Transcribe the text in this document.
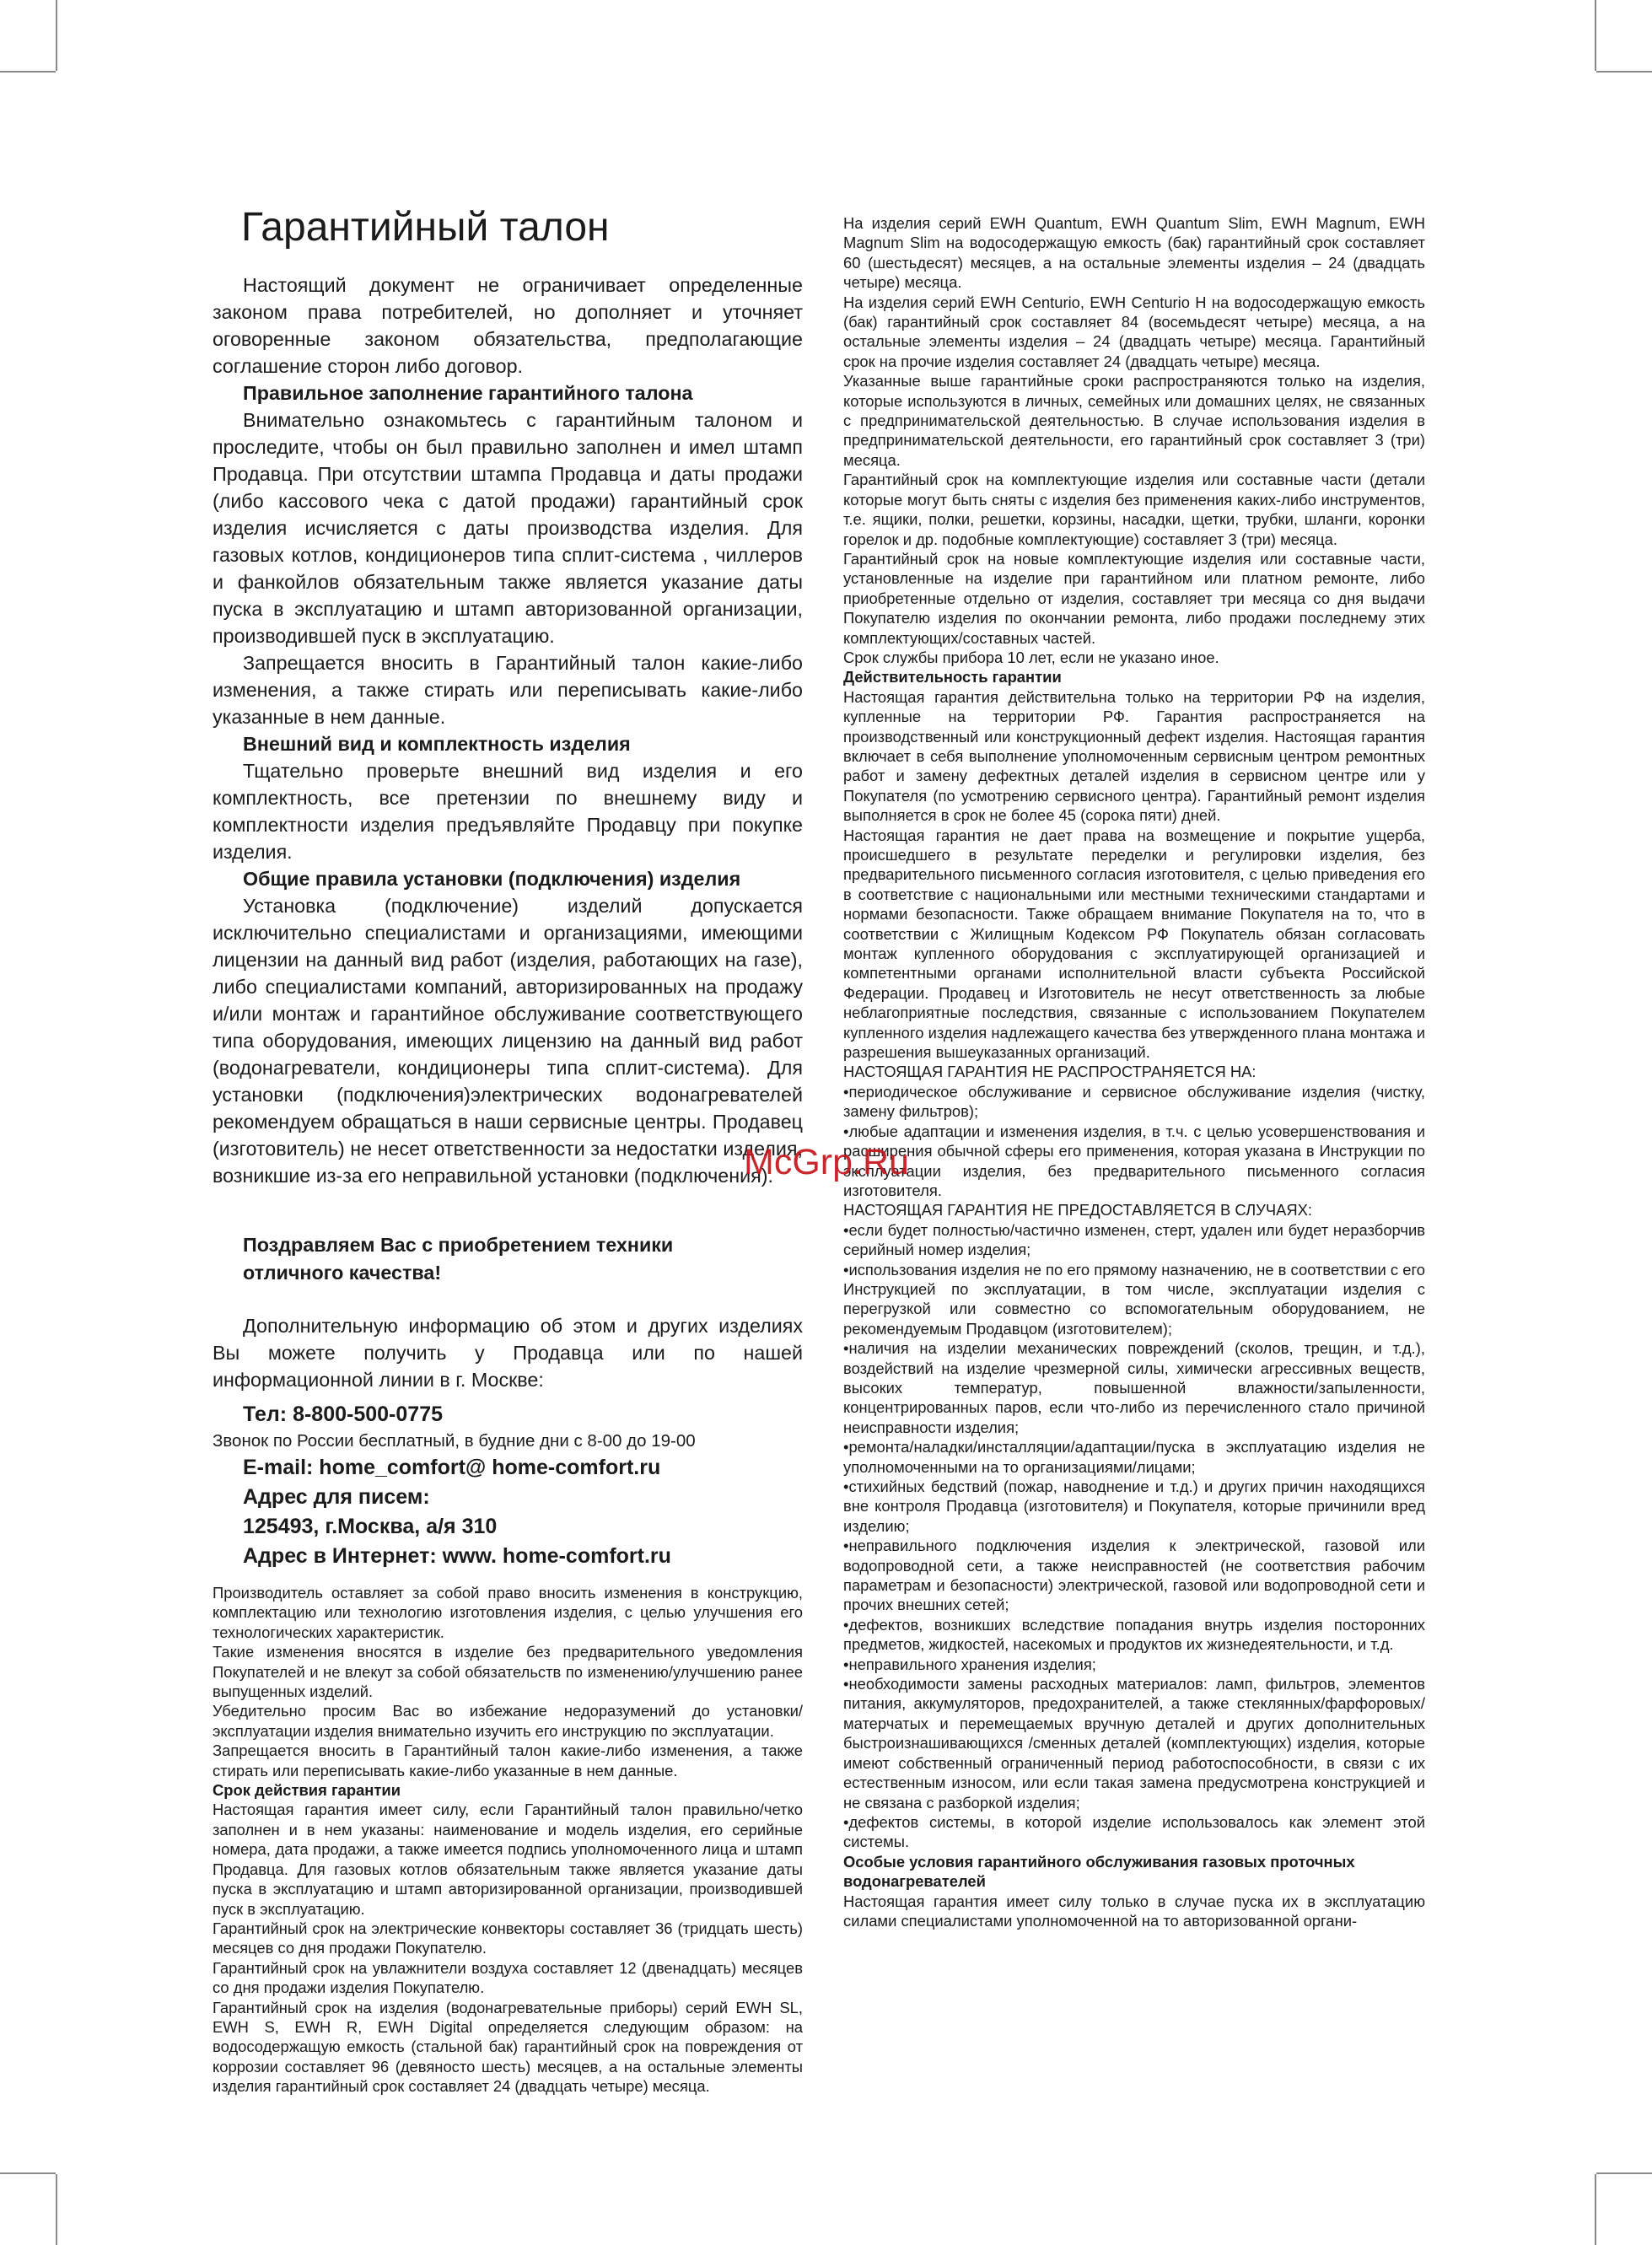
Гарантийный талон

Настоящий документ не ограничивает определенные законом права потребителей, но дополняет и уточняет оговоренные законом обязательства, предполагающие соглашение сторон либо договор.

Правильное заполнение гарантийного талона

Внимательно ознакомьтесь с гарантийным талоном и проследите, чтобы он был правильно заполнен и имел штамп Продавца. При отсутствии штампа Продавца и даты продажи (либо кассового чека с датой продажи) гарантийный срок изделия исчисляется с даты производства изделия. Для газовых котлов, кондиционеров типа сплит-система , чиллеров и фанкойлов обязательным также является указание даты пуска в эксплуатацию и штамп авторизованной организации, производившей пуск в эксплуатацию.

Запрещается вносить в Гарантийный талон какие-либо изменения, а также стирать или переписывать какие-либо указанные в нем данные.

Внешний вид и комплектность изделия

Тщательно проверьте внешний вид изделия и его комплектность, все претензии по внешнему виду и комплектности изделия предъявляйте Продавцу при покупке изделия.

Общие правила установки (подключения) изделия

Установка (подключение) изделий допускается исключительно специалистами и организациями, имеющими лицензии на данный вид работ (изделия, работающих на газе), либо специалистами компаний, авторизированных на продажу и/или монтаж и гарантийное обслуживание соответствующего типа оборудования, имеющих лицензию на данный вид работ (водонагреватели, кондиционеры типа сплит-система). Для установки (подключения)электрических водонагревателей рекомендуем обращаться в наши сервисные центры. Продавец (изготовитель) не несет ответственности за недостатки изделия, возникшие из-за его неправильной установки (подключения).

Поздравляем Вас с приобретением техники отличного качества!

Дополнительную информацию об этом и других изделиях Вы можете получить у Продавца или по нашей информационной линии в г. Москве:

Тел: 8-800-500-0775
Звонок по России бесплатный, в будние дни с 8-00 до 19-00
E-mail: home_comfort@ home-comfort.ru
Адрес для писем:
125493, г.Москва, а/я 310
Адрес в Интернет: www. home-comfort.ru

Производитель оставляет за собой право вносить изменения в конструкцию, комплектацию или технологию изготовления изделия, с целью улучшения его технологических характеристик.

Такие изменения вносятся в изделие без предварительного уведомления Покупателей и не влекут за собой обязательств по изменению/улучшению ранее выпущенных изделий.

Убедительно просим Вас во избежание недоразумений до установки/эксплуатации изделия внимательно изучить его инструкцию по эксплуатации.

Запрещается вносить в Гарантийный талон какие-либо изменения, а также стирать или переписывать какие-либо указанные в нем данные.

Срок действия гарантии

Настоящая гарантия имеет силу, если Гарантийный талон правильно/четко заполнен и в нем указаны: наименование и модель изделия, его серийные номера, дата продажи, а также имеется подпись уполномоченного лица и штамп Продавца. Для газовых котлов обязательным также является указание даты пуска в эксплуатацию и штамп авторизированной организации, производившей пуск в эксплуатацию.

Гарантийный срок на электрические конвекторы составляет 36 (тридцать шесть) месяцев со дня продажи Покупателю.

Гарантийный срок на увлажнители воздуха составляет 12 (двенадцать) месяцев со дня продажи изделия Покупателю.

Гарантийный срок на изделия (водонагревательные приборы) серий EWH SL, EWH S, EWH R, EWH Digital определяется следующим образом: на водосодержащую емкость (стальной бак) гарантийный срок на повреждения от коррозии составляет 96 (девяносто шесть) месяцев, а на остальные элементы изделия гарантийный срок составляет 24 (двадцать четыре) месяца.

На изделия серий EWH Quantum, EWH Quantum Slim, EWH Magnum, EWH Magnum Slim на водосодержащую емкость (бак) гарантийный срок составляет 60 (шестьдесят) месяцев, а на остальные элементы изделия – 24 (двадцать четыре) месяца.

На изделия серий EWH Centurio, EWH Centurio H на водосодержащую емкость (бак) гарантийный срок составляет 84 (восемьдесят четыре) месяца, а на остальные элементы изделия – 24 (двадцать четыре) месяца. Гарантийный срок на прочие изделия составляет 24 (двадцать четыре) месяца.

Указанные выше гарантийные сроки распространяются только на изделия, которые используются в личных, семейных или домашних целях, не связанных с предпринимательской деятельностью. В случае использования изделия в предпринимательской деятельности, его гарантийный срок составляет 3 (три) месяца.

Гарантийный срок на комплектующие изделия или составные части (детали которые могут быть сняты с изделия без применения каких-либо инструментов, т.е. ящики, полки, решетки, корзины, насадки, щетки, трубки, шланги, коронки горелок и др. подобные комплектующие) составляет 3 (три) месяца.

Гарантийный срок на новые комплектующие изделия или составные части, установленные на изделие при гарантийном или платном ремонте, либо приобретенные отдельно от изделия, составляет три месяца со дня выдачи Покупателю изделия по окончании ремонта, либо продажи последнему этих комплектующих/составных частей.

Срок службы прибора 10 лет, если не указано иное.

Действительность гарантии

Настоящая гарантия действительна только на территории РФ на изделия, купленные на территории РФ. Гарантия распространяется на производственный или конструкционный дефект изделия. Настоящая гарантия включает в себя выполнение уполномоченным сервисным центром ремонтных работ и замену дефектных деталей изделия в сервисном центре или у Покупателя (по усмотрению сервисного центра). Гарантийный ремонт изделия выполняется в срок не более 45 (сорока пяти) дней.

Настоящая гарантия не дает права на возмещение и покрытие ущерба, происшедшего в результате переделки и регулировки изделия, без предварительного письменного согласия изготовителя, с целью приведения его в соответствие с национальными или местными техническими стандартами и нормами безопасности. Также обращаем внимание Покупателя на то, что в соответствии с Жилищным Кодексом РФ Покупатель обязан согласовать монтаж купленного оборудования с эксплуатирующей организацией и компетентными органами исполнительной власти субъекта Российской Федерации. Продавец и Изготовитель не несут ответственность за любые неблагоприятные последствия, связанные с использованием Покупателем купленного изделия надлежащего качества без утвержденного плана монтажа и разрешения вышеуказанных организаций.

НАСТОЯЩАЯ ГАРАНТИЯ НЕ РАСПРОСТРАНЯЕТСЯ НА:

• периодическое обслуживание и сервисное обслуживание изделия (чистку, замену фильтров);

• любые адаптации и изменения изделия, в т.ч. с целью усовершенствования и расширения обычной сферы его применения, которая указана в Инструкции по эксплуатации изделия, без предварительного письменного согласия изготовителя.

НАСТОЯЩАЯ ГАРАНТИЯ НЕ ПРЕДОСТАВЛЯЕТСЯ В СЛУЧАЯХ:

• если будет полностью/частично изменен, стерт, удален или будет неразборчив серийный номер изделия;

• использования изделия не по его прямому назначению, не в соответствии с его Инструкцией по эксплуатации, в том числе, эксплуатации изделия с перегрузкой или совместно со вспомогательным оборудованием, не рекомендуемым Продавцом (изготовителем);

• наличия на изделии механических повреждений (сколов, трещин, и т.д.), воздействий на изделие чрезмерной силы, химически агрессивных веществ, высоких температур, повышенной влажности/запыленности, концентрированных паров, если что-либо из перечисленного стало причиной неисправности изделия;

• ремонта/наладки/инсталляции/адаптации/пуска в эксплуатацию изделия не уполномоченными на то организациями/лицами;

• стихийных бедствий (пожар, наводнение и т.д.) и других причин находящихся вне контроля Продавца (изготовителя) и Покупателя, которые причинили вред изделию;

• неправильного подключения изделия к электрической, газовой или водопроводной сети, а также неисправностей (не соответствия рабочим параметрам и безопасности) электрической, газовой или водопроводной сети и прочих внешних сетей;

• дефектов, возникших вследствие попадания внутрь изделия посторонних предметов, жидкостей, насекомых и продуктов их жизнедеятельности, и т.д.

• неправильного хранения изделия;

• необходимости замены расходных материалов: ламп, фильтров, элементов питания, аккумуляторов, предохранителей, а также стеклянных/фарфоровых/матерчатых и перемещаемых вручную деталей и других дополнительных быстроизнашивающихся /сменных деталей (комплектующих) изделия, которые имеют собственный ограниченный период работоспособности, в связи с их естественным износом, или если такая замена предусмотрена конструкцией и не связана с разборкой изделия;

• дефектов системы, в которой изделие использовалось как элемент этой системы.

Особые условия гарантийного обслуживания газовых проточных водонагревателей

Настоящая гарантия имеет силу только в случае пуска их в эксплуатацию силами специалистами уполномоченной на то авторизованной органи-

McGrp.Ru
